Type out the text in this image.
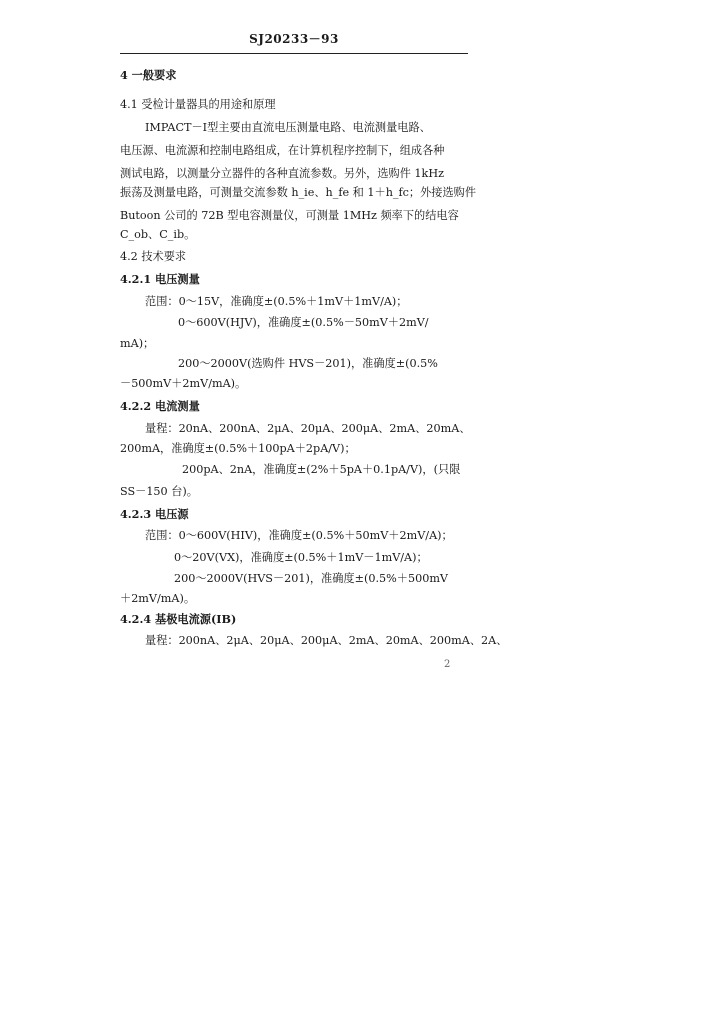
SJ20233－93
4 一般要求
4.1 受检计量器具的用途和原理
IMPACT－Ⅰ型主要由直流电压测量电路、电流测量电路、
电压源、电流源和控制电路组成，在计算机程序控制下，组成各种
测试电路，以测量分立器件的各种直流参数。另外，选购件 1kHz
振荡及测量电路，可测量交流参数 h_ie、h_fe 和 1＋h_fc；外接选购件
Butoon 公司的 72B 型电容测量仪，可测量 1MHz 频率下的结电容
C_ob、C_ib。
4.2 技术要求
4.2.1 电压测量
范围：0～15V，准确度±(0.5%＋1mV＋1mV/A)；
0～600V(HJV)，准确度±(0.5%－50mV＋2mV/
mA)；
200～2000V(选购件 HVS－201)，准确度±(0.5%
－500mV＋2mV/mA)。
4.2.2 电流测量
量程：20nA、200nA、2μA、20μA、200μA、2mA、20mA、
200mA，准确度±(0.5%＋100pA＋2pA/V)；
200pA、2nA，准确度±(2%＋5pA＋0.1pA/V)，(只限
SS－150 台)。
4.2.3 电压源
范围：0～600V(HIV)，准确度±(0.5%＋50mV＋2mV/A)；
0～20V(VX)，准确度±(0.5%＋1mV－1mV/A)；
200～2000V(HVS－201)，准确度±(0.5%＋500mV
＋2mV/mA)。
4.2.4 基极电流源(IB)
量程：200nA、2μA、20μA、200μA、2mA、20mA、200mA、2A、
2
